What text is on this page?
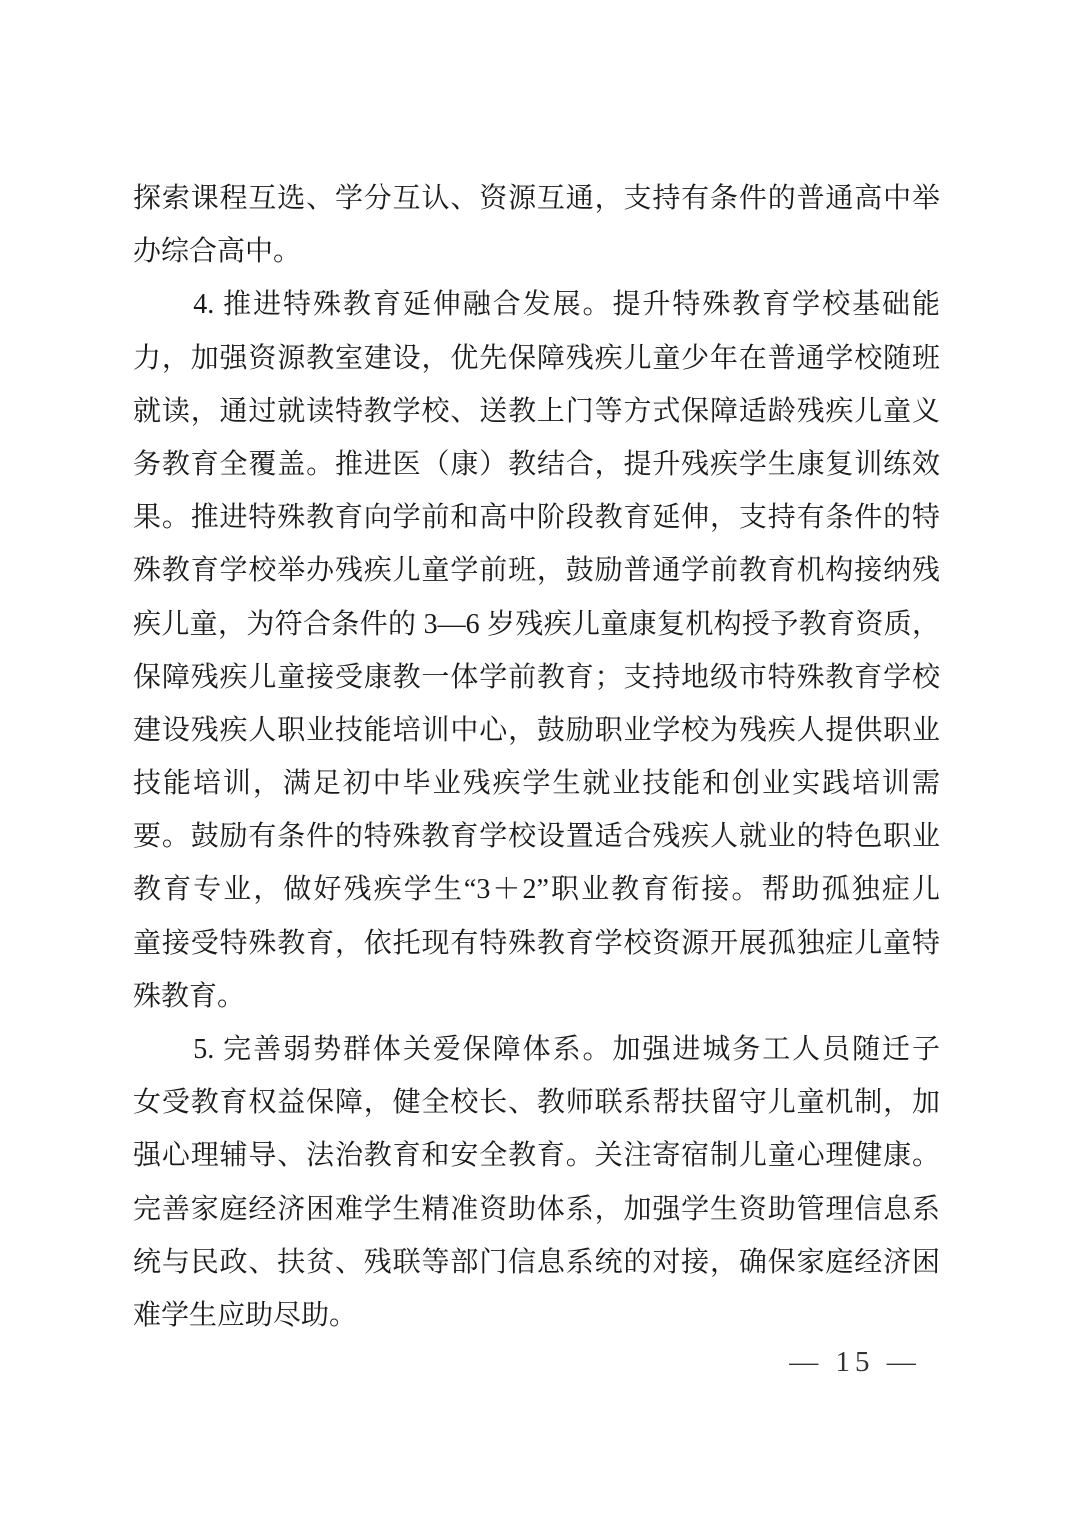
探索课程互选、学分互认、资源互通，支持有条件的普通高中举
办综合高中。
4. 推进特殊教育延伸融合发展。提升特殊教育学校基础能
力，加强资源教室建设，优先保障残疾儿童少年在普通学校随班
就读，通过就读特教学校、送教上门等方式保障适龄残疾儿童义
务教育全覆盖。推进医（康）教结合，提升残疾学生康复训练效
果。推进特殊教育向学前和高中阶段教育延伸，支持有条件的特
殊教育学校举办残疾儿童学前班，鼓励普通学前教育机构接纳残
疾儿童，为符合条件的 3—6 岁残疾儿童康复机构授予教育资质，
保障残疾儿童接受康教一体学前教育；支持地级市特殊教育学校
建设残疾人职业技能培训中心，鼓励职业学校为残疾人提供职业
技能培训，满足初中毕业残疾学生就业技能和创业实践培训需
要。鼓励有条件的特殊教育学校设置适合残疾人就业的特色职业
教育专业，做好残疾学生“3＋2”职业教育衔接。帮助孤独症儿
童接受特殊教育，依托现有特殊教育学校资源开展孤独症儿童特
殊教育。
5. 完善弱势群体关爱保障体系。加强进城务工人员随迁子
女受教育权益保障，健全校长、教师联系帮扶留守儿童机制，加
强心理辅导、法治教育和安全教育。关注寄宿制儿童心理健康。
完善家庭经济困难学生精准资助体系，加强学生资助管理信息系
统与民政、扶贫、残联等部门信息系统的对接，确保家庭经济困
难学生应助尽助。
— 15 —
